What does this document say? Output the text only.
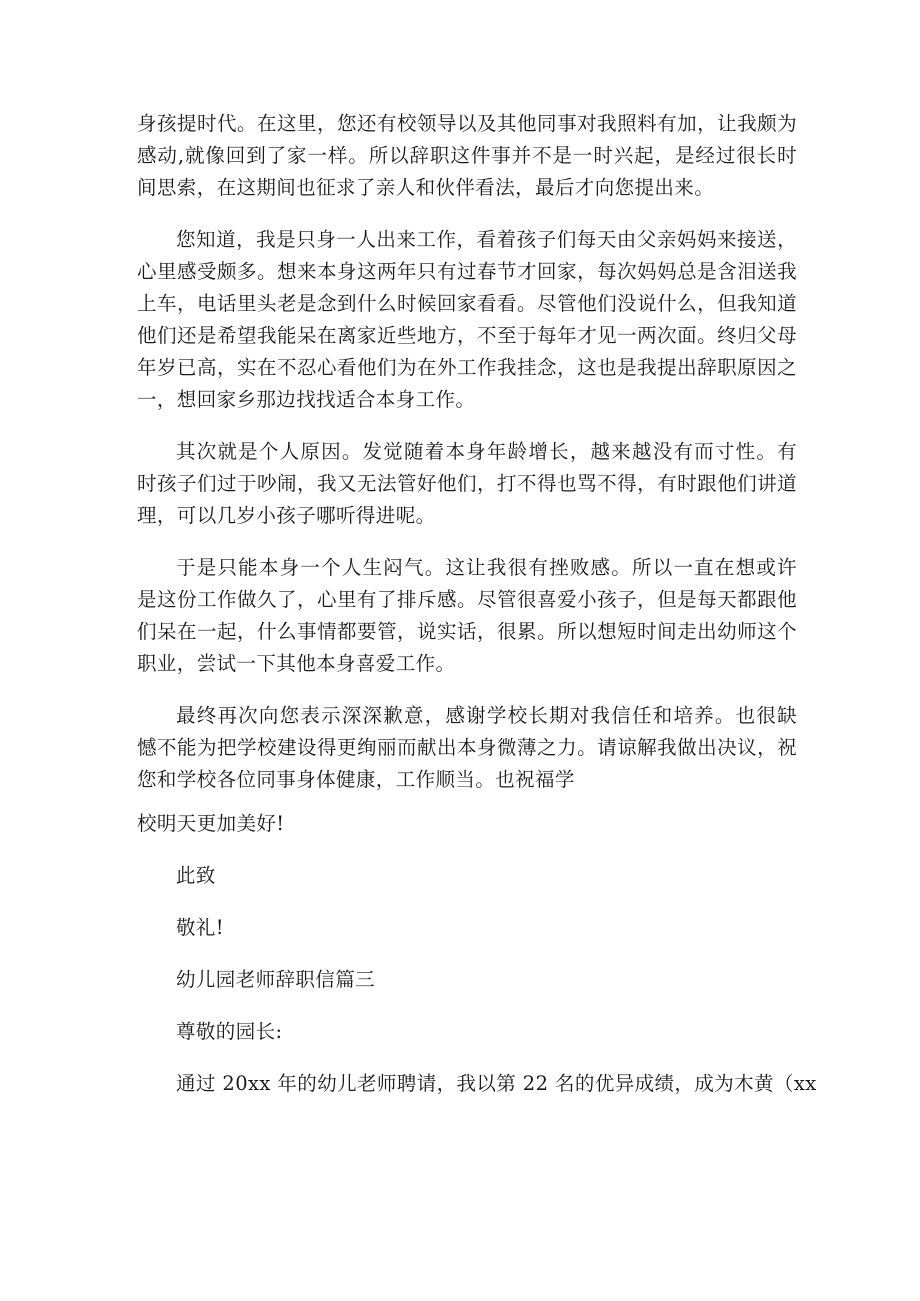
身孩提时代。在这里，您还有校领导以及其他同事对我照料有加，让我颇为
感动,就像回到了家一样。所以辞职这件事并不是一时兴起，是经过很长时
间思索，在这期间也征求了亲人和伙伴看法，最后才向您提出来。
您知道，我是只身一人出来工作，看着孩子们每天由父亲妈妈来接送，
心里感受颇多。想来本身这两年只有过春节才回家，每次妈妈总是含泪送我
上车，电话里头老是念到什么时候回家看看。尽管他们没说什么，但我知道
他们还是希望我能呆在离家近些地方，不至于每年才见一两次面。终归父母
年岁已高，实在不忍心看他们为在外工作我挂念，这也是我提出辞职原因之
一，想回家乡那边找找适合本身工作。
其次就是个人原因。发觉随着本身年龄增长，越来越没有而寸性。有
时孩子们过于吵闹，我又无法管好他们，打不得也骂不得，有时跟他们讲道
理，可以几岁小孩子哪听得进呢。
于是只能本身一个人生闷气。这让我很有挫败感。所以一直在想或许
是这份工作做久了，心里有了排斥感。尽管很喜爱小孩子，但是每天都跟他
们呆在一起，什么事情都要管，说实话，很累。所以想短时间走出幼师这个
职业，尝试一下其他本身喜爱工作。
最终再次向您表示深深歉意，感谢学校长期对我信任和培养。也很缺
憾不能为把学校建设得更绚丽而献出本身微薄之力。请谅解我做出决议，祝
您和学校各位同事身体健康，工作顺当。也祝福学
校明天更加美好!
此致
敬礼!
幼儿园老师辞职信篇三
尊敬的园长:
通过 20xx 年的幼儿老师聘请，我以第 22 名的优异成绩，成为木黄（xx
